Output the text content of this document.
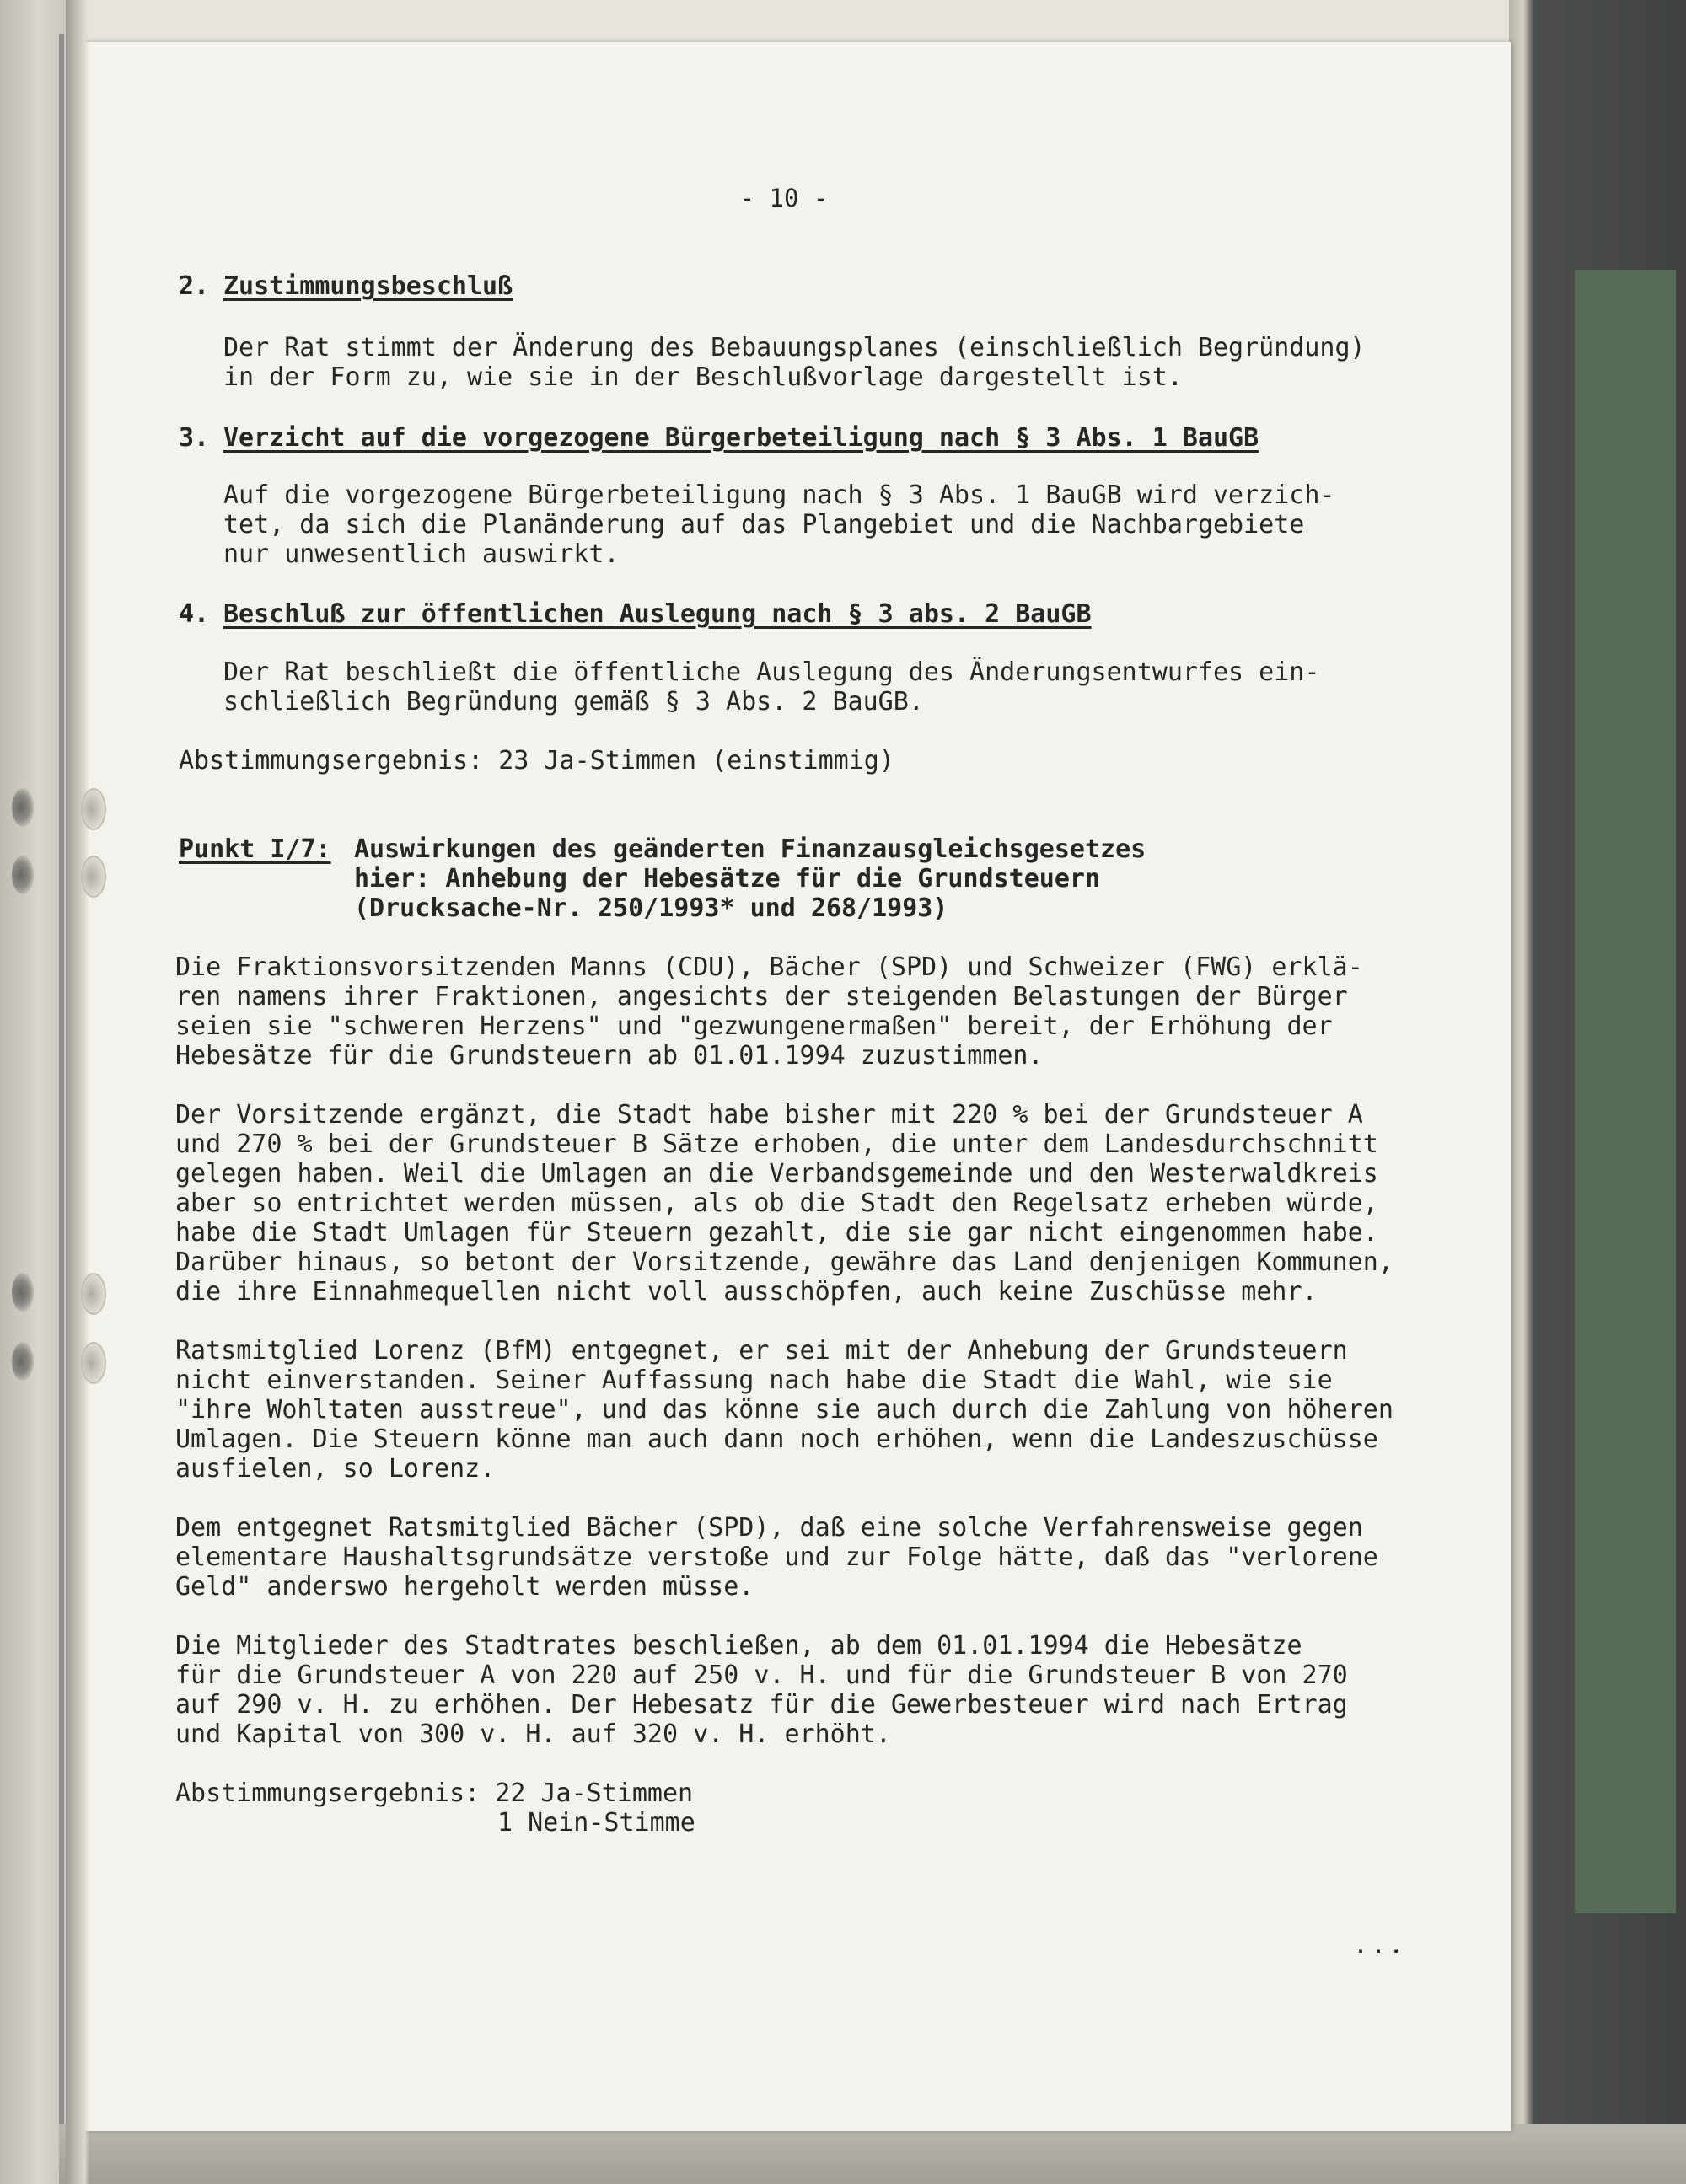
- 10 -
2. Zustimmungsbeschluß
Der Rat stimmt der Änderung des Bebauungsplanes (einschließlich Begründung)
in der Form zu, wie sie in der Beschlußvorlage dargestellt ist.
3. Verzicht auf die vorgezogene Bürgerbeteiligung nach § 3 Abs. 1 BauGB
Auf die vorgezogene Bürgerbeteiligung nach § 3 Abs. 1 BauGB wird verzich-
tet, da sich die Planänderung auf das Plangebiet und die Nachbargebiete
nur unwesentlich auswirkt.
4. Beschluß zur öffentlichen Auslegung nach § 3 abs. 2 BauGB
Der Rat beschließt die öffentliche Auslegung des Änderungsentwurfes ein-
schließlich Begründung gemäß § 3 Abs. 2 BauGB.
Abstimmungsergebnis: 23 Ja-Stimmen (einstimmig)
Punkt I/7: Auswirkungen des geänderten Finanzausgleichsgesetzes
hier: Anhebung der Hebesätze für die Grundsteuern
(Drucksache-Nr. 250/1993* und 268/1993)
Die Fraktionsvorsitzenden Manns (CDU), Bächer (SPD) und Schweizer (FWG) erklä-
ren namens ihrer Fraktionen, angesichts der steigenden Belastungen der Bürger
seien sie "schweren Herzens" und "gezwungenermaßen" bereit, der Erhöhung der
Hebesätze für die Grundsteuern ab 01.01.1994 zuzustimmen.
Der Vorsitzende ergänzt, die Stadt habe bisher mit 220 % bei der Grundsteuer A
und 270 % bei der Grundsteuer B Sätze erhoben, die unter dem Landesdurchschnitt
gelegen haben. Weil die Umlagen an die Verbandsgemeinde und den Westerwaldkreis
aber so entrichtet werden müssen, als ob die Stadt den Regelsatz erheben würde,
habe die Stadt Umlagen für Steuern gezahlt, die sie gar nicht eingenommen habe.
Darüber hinaus, so betont der Vorsitzende, gewähre das Land denjenigen Kommunen,
die ihre Einnahmequellen nicht voll ausschöpfen, auch keine Zuschüsse mehr.
Ratsmitglied Lorenz (BfM) entgegnet, er sei mit der Anhebung der Grundsteuern
nicht einverstanden. Seiner Auffassung nach habe die Stadt die Wahl, wie sie
"ihre Wohltaten ausstreue", und das könne sie auch durch die Zahlung von höheren
Umlagen. Die Steuern könne man auch dann noch erhöhen, wenn die Landeszuschüsse
ausfielen, so Lorenz.
Dem entgegnet Ratsmitglied Bächer (SPD), daß eine solche Verfahrensweise gegen
elementare Haushaltsgrundsätze verstoße und zur Folge hätte, daß das "verlorene
Geld" anderswo hergeholt werden müsse.
Die Mitglieder des Stadtrates beschließen, ab dem 01.01.1994 die Hebesätze
für die Grundsteuer A von 220 auf 250 v. H. und für die Grundsteuer B von 270
auf 290 v. H. zu erhöhen. Der Hebesatz für die Gewerbesteuer wird nach Ertrag
und Kapital von 300 v. H. auf 320 v. H. erhöht.
Abstimmungsergebnis: 22 Ja-Stimmen
1 Nein-Stimme
...
